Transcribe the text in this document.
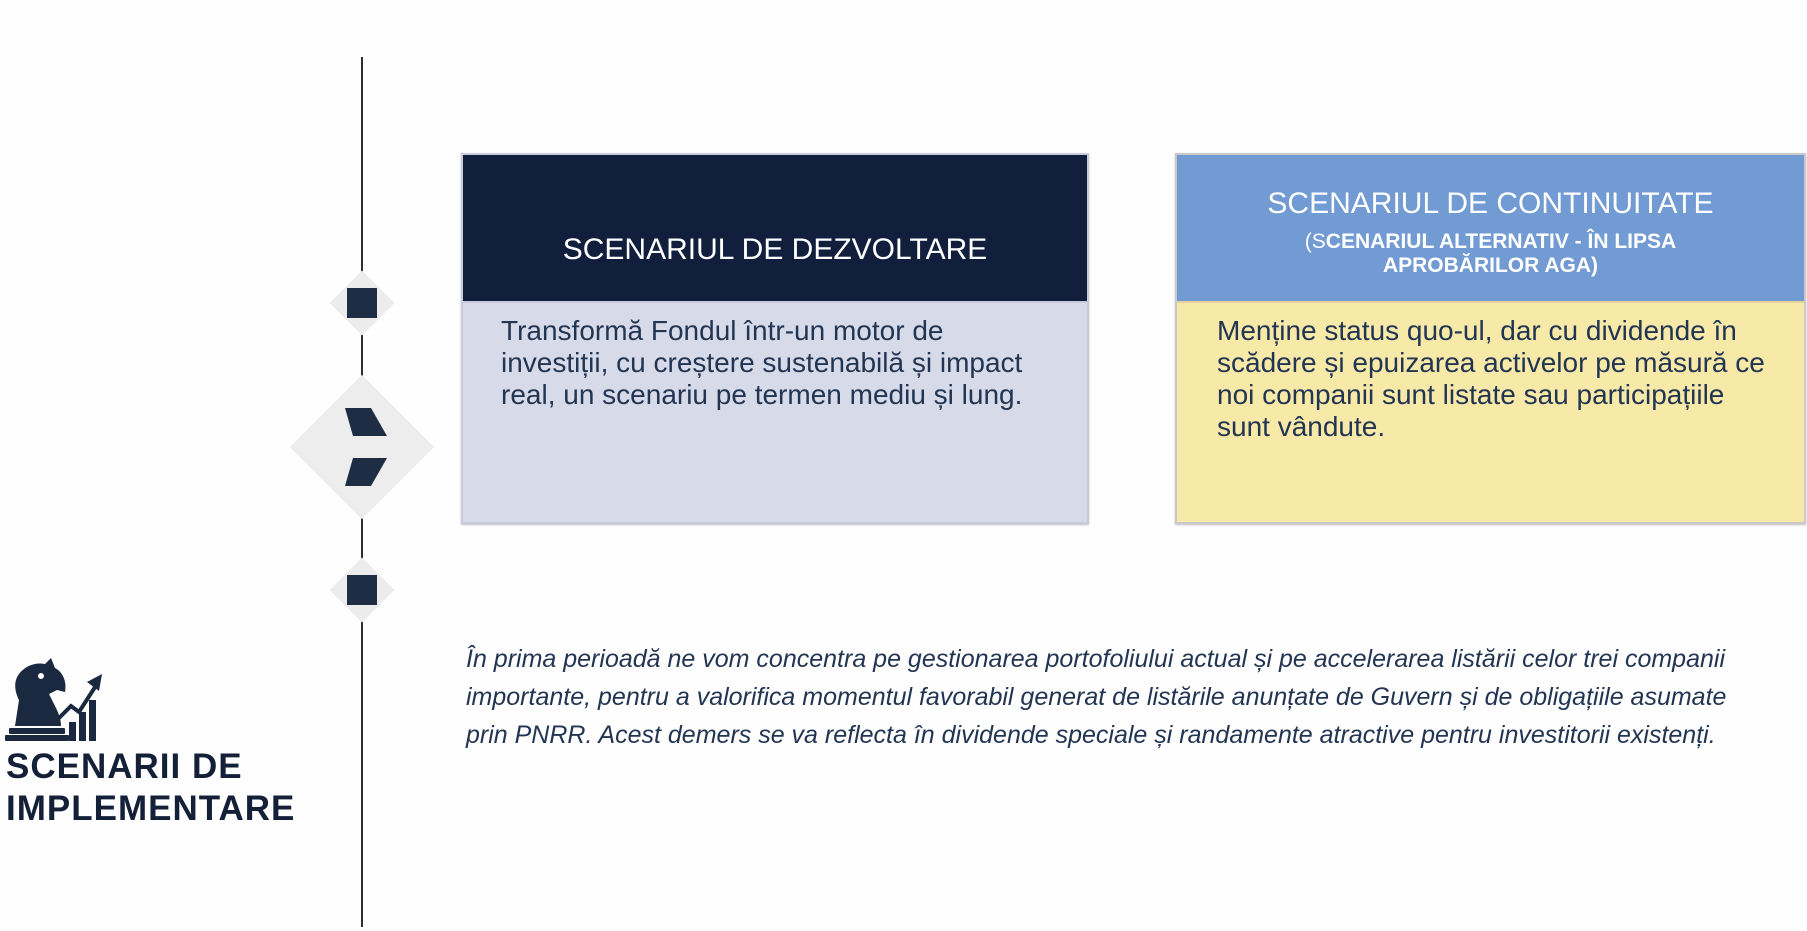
SCENARIUL DE DEZVOLTARE
Transformă Fondul într-un motor de investiții, cu creștere sustenabilă și impact real, un scenariu pe termen mediu și lung.
SCENARIUL DE CONTINUITATE
(SCENARIUL ALTERNATIV - ÎN LIPSA APROBĂRILOR AGA)
Menține status quo-ul, dar cu dividende în scădere și epuizarea activelor pe măsură ce noi companii sunt listate sau participațiile sunt vândute.
În prima perioadă ne vom concentra pe gestionarea portofoliului actual și pe accelerarea listării celor trei companii importante, pentru a valorifica momentul favorabil generat de listările anunțate de Guvern și de obligațiile asumate prin PNRR. Acest demers se va reflecta în dividende speciale și randamente atractive pentru investitorii existenți.
SCENARII DE
IMPLEMENTARE
